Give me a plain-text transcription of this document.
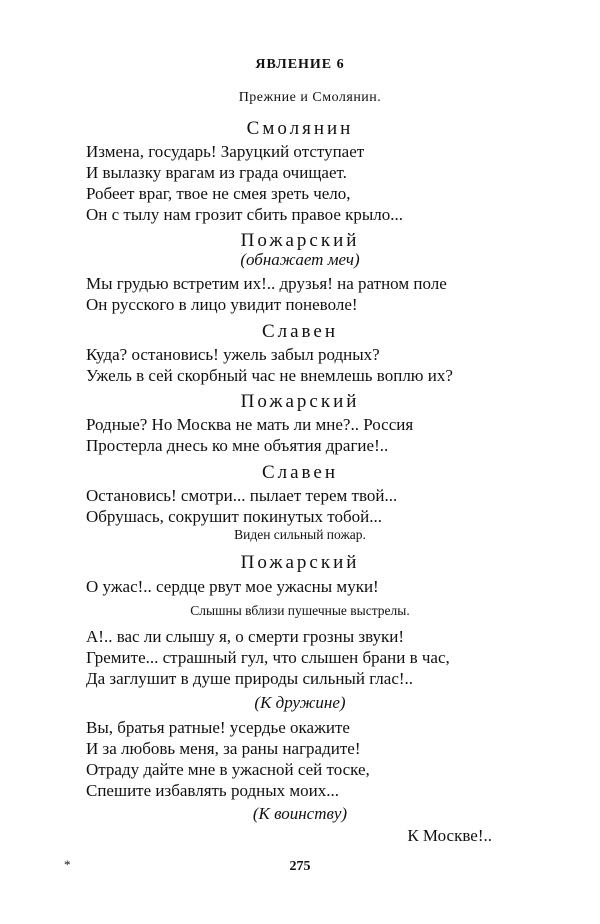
ЯВЛЕНИЕ 6
Прежние и Смолянин.
Смолянин
Измена, государь! Заруцкий отступает
И вылазку врагам из града очищает.
Робеет враг, твое не смея зреть чело,
Он с тылу нам грозит сбить правое крыло...
Пожарский
(обнажает меч)
Мы грудью встретим их!.. друзья! на ратном поле
Он русского в лицо увидит поневоле!
Славен
Куда? остановись! ужель забыл родных?
Ужель в сей скорбный час не внемлешь воплю их?
Пожарский
Родные? Но Москва не мать ли мне?.. Россия
Простерла днесь ко мне объятия драгие!..
Славен
Остановись! смотри... пылает терем твой...
Обрушась, сокрушит покинутых тобой...
Виден сильный пожар.
Пожарский
О ужас!.. сердце рвут мое ужасны муки!
Слышны вблизи пушечные выстрелы.
А!.. вас ли слышу я, о смерти грозны звуки!
Гремите... страшный гул, что слышен брани в час,
Да заглушит в душе природы сильный глас!..
(К дружине)
Вы, братья ратные! усердье окажите
И за любовь меня, за раны наградите!
Отраду дайте мне в ужасной сей тоске,
Спешите избавлять родных моих...
(К воинству)
К Москве!..
*	275
